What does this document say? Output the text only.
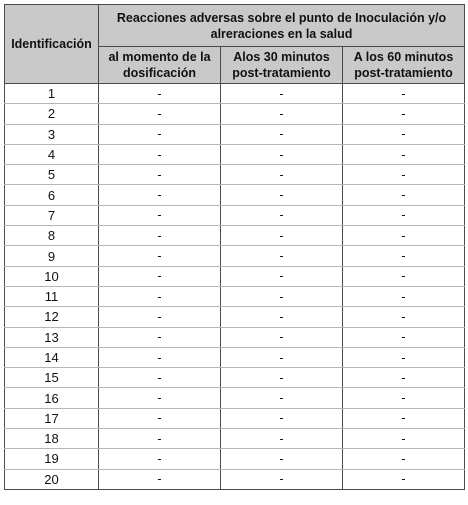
Identificación	Reacciones adversas sobre el punto de Inoculación y/o alreraciones en la salud		
	al momento de la dosificación	Alos 30 minutos post-tratamiento	A los 60 minutos post-tratamiento
1	-	-	-
2	-	-	-
3	-	-	-
4	-	-	-
5	-	-	-
6	-	-	-
7	-	-	-
8	-	-	-
9	-	-	-
10	-	-	-
11	-	-	-
12	-	-	-
13	-	-	-
14	-	-	-
15	-	-	-
16	-	-	-
17	-	-	-
18	-	-	-
19	-	-	-
20	-	-	-
